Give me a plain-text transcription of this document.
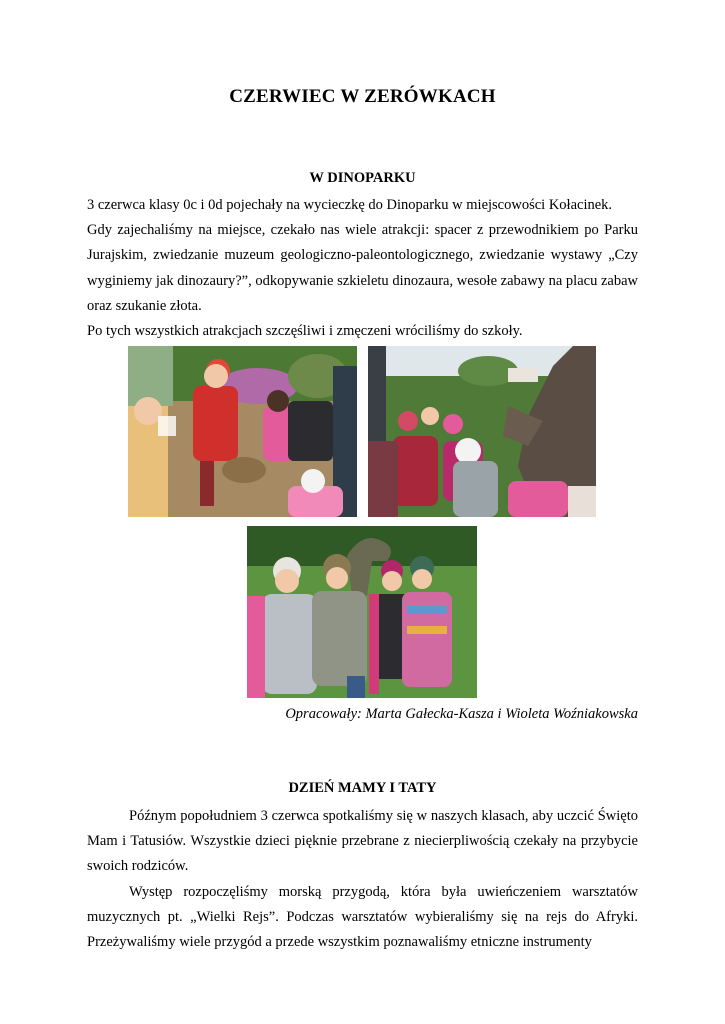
CZERWIEC W ZERÓWKACH
W DINOPARKU

3 czerwca klasy 0c i 0d pojechały na wycieczkę do Dinoparku w miejscowości Kołacinek.

Gdy zajechaliśmy na miejsce, czekało nas wiele atrakcji: spacer z przewodnikiem po Parku Jurajskim, zwiedzanie muzeum geologiczno-paleontologicznego, zwiedzanie wystawy „Czy wyginiemy jak dinozaury?”, odkopywanie szkieletu dinozaura, wesołe zabawy na placu zabaw oraz szukanie złota.

Po tych wszystkich atrakcjach szczęśliwi i zmęczeni wróciliśmy do szkoły.

Opracowały: Marta Gałecka-Kasza i Wioleta Woźniakowska
DZIEŃ MAMY I TATY

Późnym popołudniem 3 czerwca spotkaliśmy się w naszych klasach, aby uczcić Święto Mam i Tatusiów. Wszystkie dzieci pięknie przebrane z niecierpliwością czekały na przybycie swoich rodziców.

Występ rozpoczęliśmy morską przygodą, która była uwieńczeniem warsztatów muzycznych pt. „Wielki Rejs”. Podczas warsztatów wybieraliśmy się na rejs do Afryki. Przeżywaliśmy wiele przygód a przede wszystkim poznawaliśmy etniczne instrumenty
